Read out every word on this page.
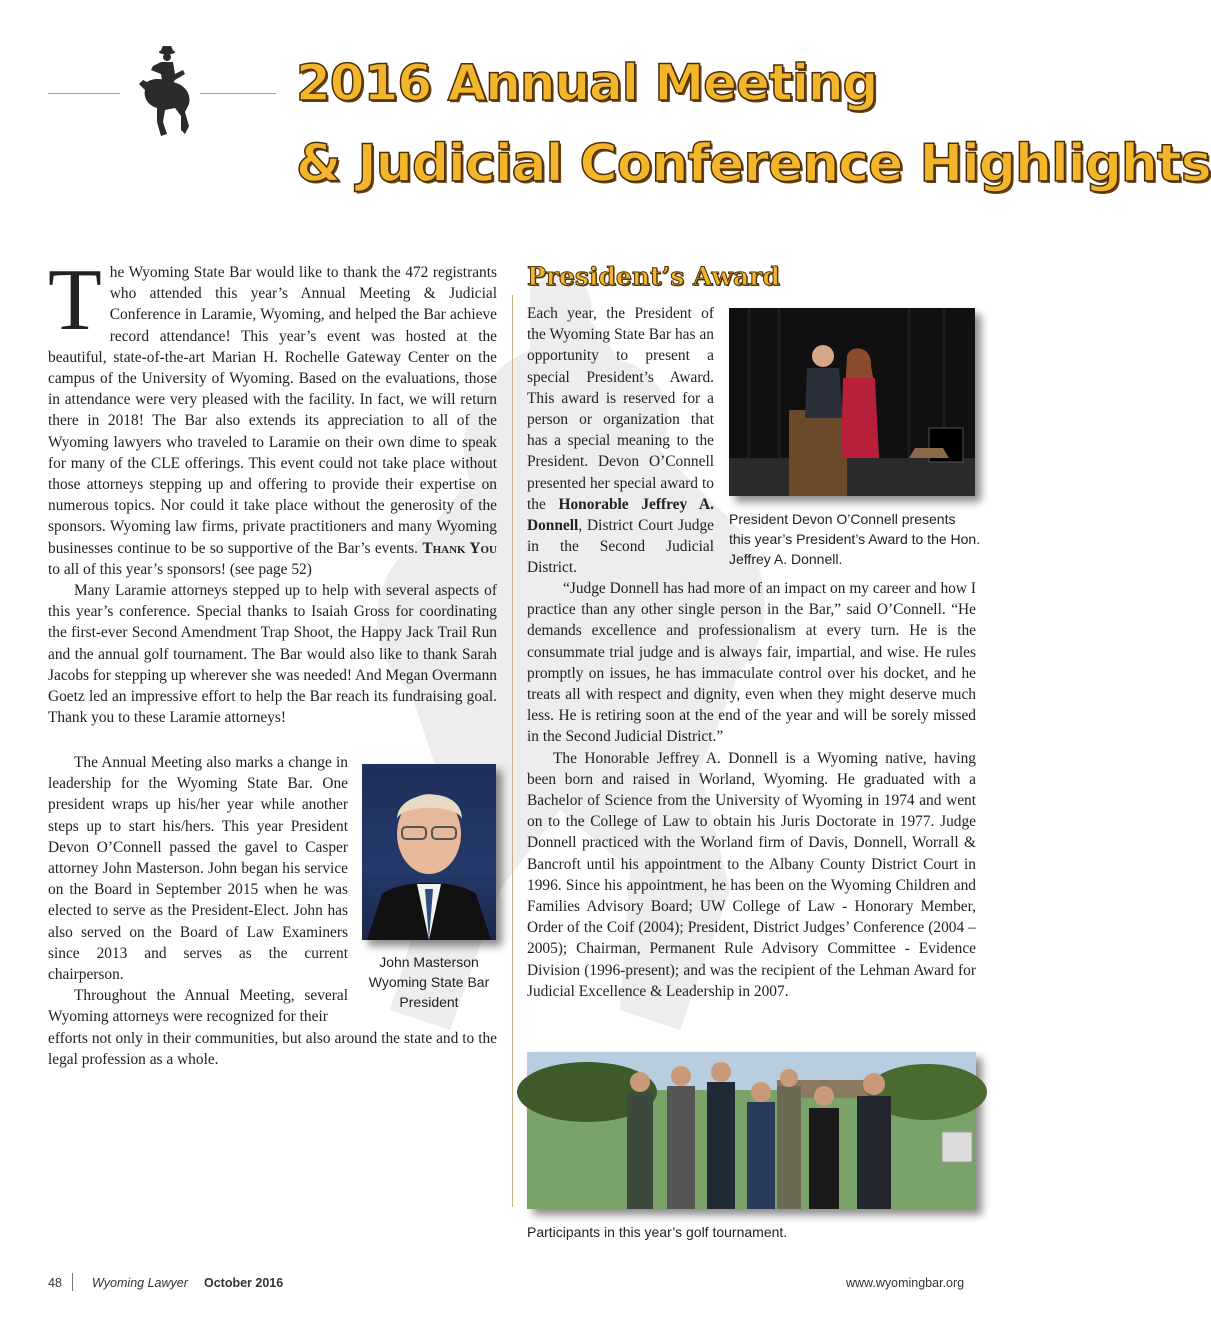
2016 Annual Meeting
& Judicial Conference Highlights

The Wyoming State Bar would like to thank the 472 registrants who attended this year’s Annual Meeting & Judicial Conference in Laramie, Wyoming, and helped the Bar achieve record attendance! This year’s event was hosted at the beautiful, state-of-the-art Marian H. Rochelle Gateway Center on the campus of the University of Wyoming. Based on the evaluations, those in attendance were very pleased with the facility. In fact, we will return there in 2018! The Bar also extends its appreciation to all of the Wyoming lawyers who traveled to Laramie on their own dime to speak for many of the CLE offerings. This event could not take place without those attorneys stepping up and offering to provide their expertise on numerous topics. Nor could it take place without the generosity of the sponsors. Wyoming law firms, private practitioners and many Wyoming businesses continue to be so supportive of the Bar’s events. Thank You to all of this year’s sponsors! (see page 52)

Many Laramie attorneys stepped up to help with several aspects of this year’s conference. Special thanks to Isaiah Gross for coordinating the first-ever Second Amendment Trap Shoot, the Happy Jack Trail Run and the annual golf tournament. The Bar would also like to thank Sarah Jacobs for stepping up wherever she was needed! And Megan Overmann Goetz led an impressive effort to help the Bar reach its fundraising goal. Thank you to these Laramie attorneys!

The Annual Meeting also marks a change in leadership for the Wyoming State Bar. One president wraps up his/her year while another steps up to start his/hers. This year President Devon O’Connell passed the gavel to Casper attorney John Masterson. John began his service on the Board in September 2015 when he was elected to serve as the President-Elect. John has also served on the Board of Law Examiners since 2013 and serves as the current chairperson.

Throughout the Annual Meeting, several Wyoming attorneys were recognized for their

efforts not only in their communities, but also around the state and to the legal profession as a whole.

John Masterson
Wyoming State Bar
President
President’s Award

Each year, the President of the Wyoming State Bar has an opportunity to present a special President’s Award. This award is reserved for a person or organization that has a special meaning to the President. Devon O’Connell presented her special award to the Honorable Jeffrey A. Donnell, District Court Judge in the Second Judicial District.

President Devon O’Connell presents this year’s President’s Award to the Hon. Jeffrey A. Donnell.

“Judge Donnell has had more of an impact on my career and how I practice than any other single person in the Bar,” said O’Connell. “He demands excellence and professionalism at every turn. He is the consummate trial judge and is always fair, impartial, and wise. He rules promptly on issues, he has immaculate control over his docket, and he treats all with respect and dignity, even when they might deserve much less. He is retiring soon at the end of the year and will be sorely missed in the Second Judicial District.”

The Honorable Jeffrey A. Donnell is a Wyoming native, having been born and raised in Worland, Wyoming. He graduated with a Bachelor of Science from the University of Wyoming in 1974 and went on to the College of Law to obtain his Juris Doctorate in 1977. Judge Donnell practiced with the Worland firm of Davis, Donnell, Worrall & Bancroft until his appointment to the Albany County District Court in 1996. Since his appointment, he has been on the Wyoming Children and Families Advisory Board; UW College of Law - Honorary Member, Order of the Coif (2004); President, District Judges’ Conference (2004 – 2005); Chairman, Permanent Rule Advisory Committee - Evidence Division (1996-present); and was the recipient of the Lehman Award for Judicial Excellence & Leadership in 2007.

Participants in this year’s golf tournament.
48 Wyoming Lawyer October 2016	www.wyomingbar.org
